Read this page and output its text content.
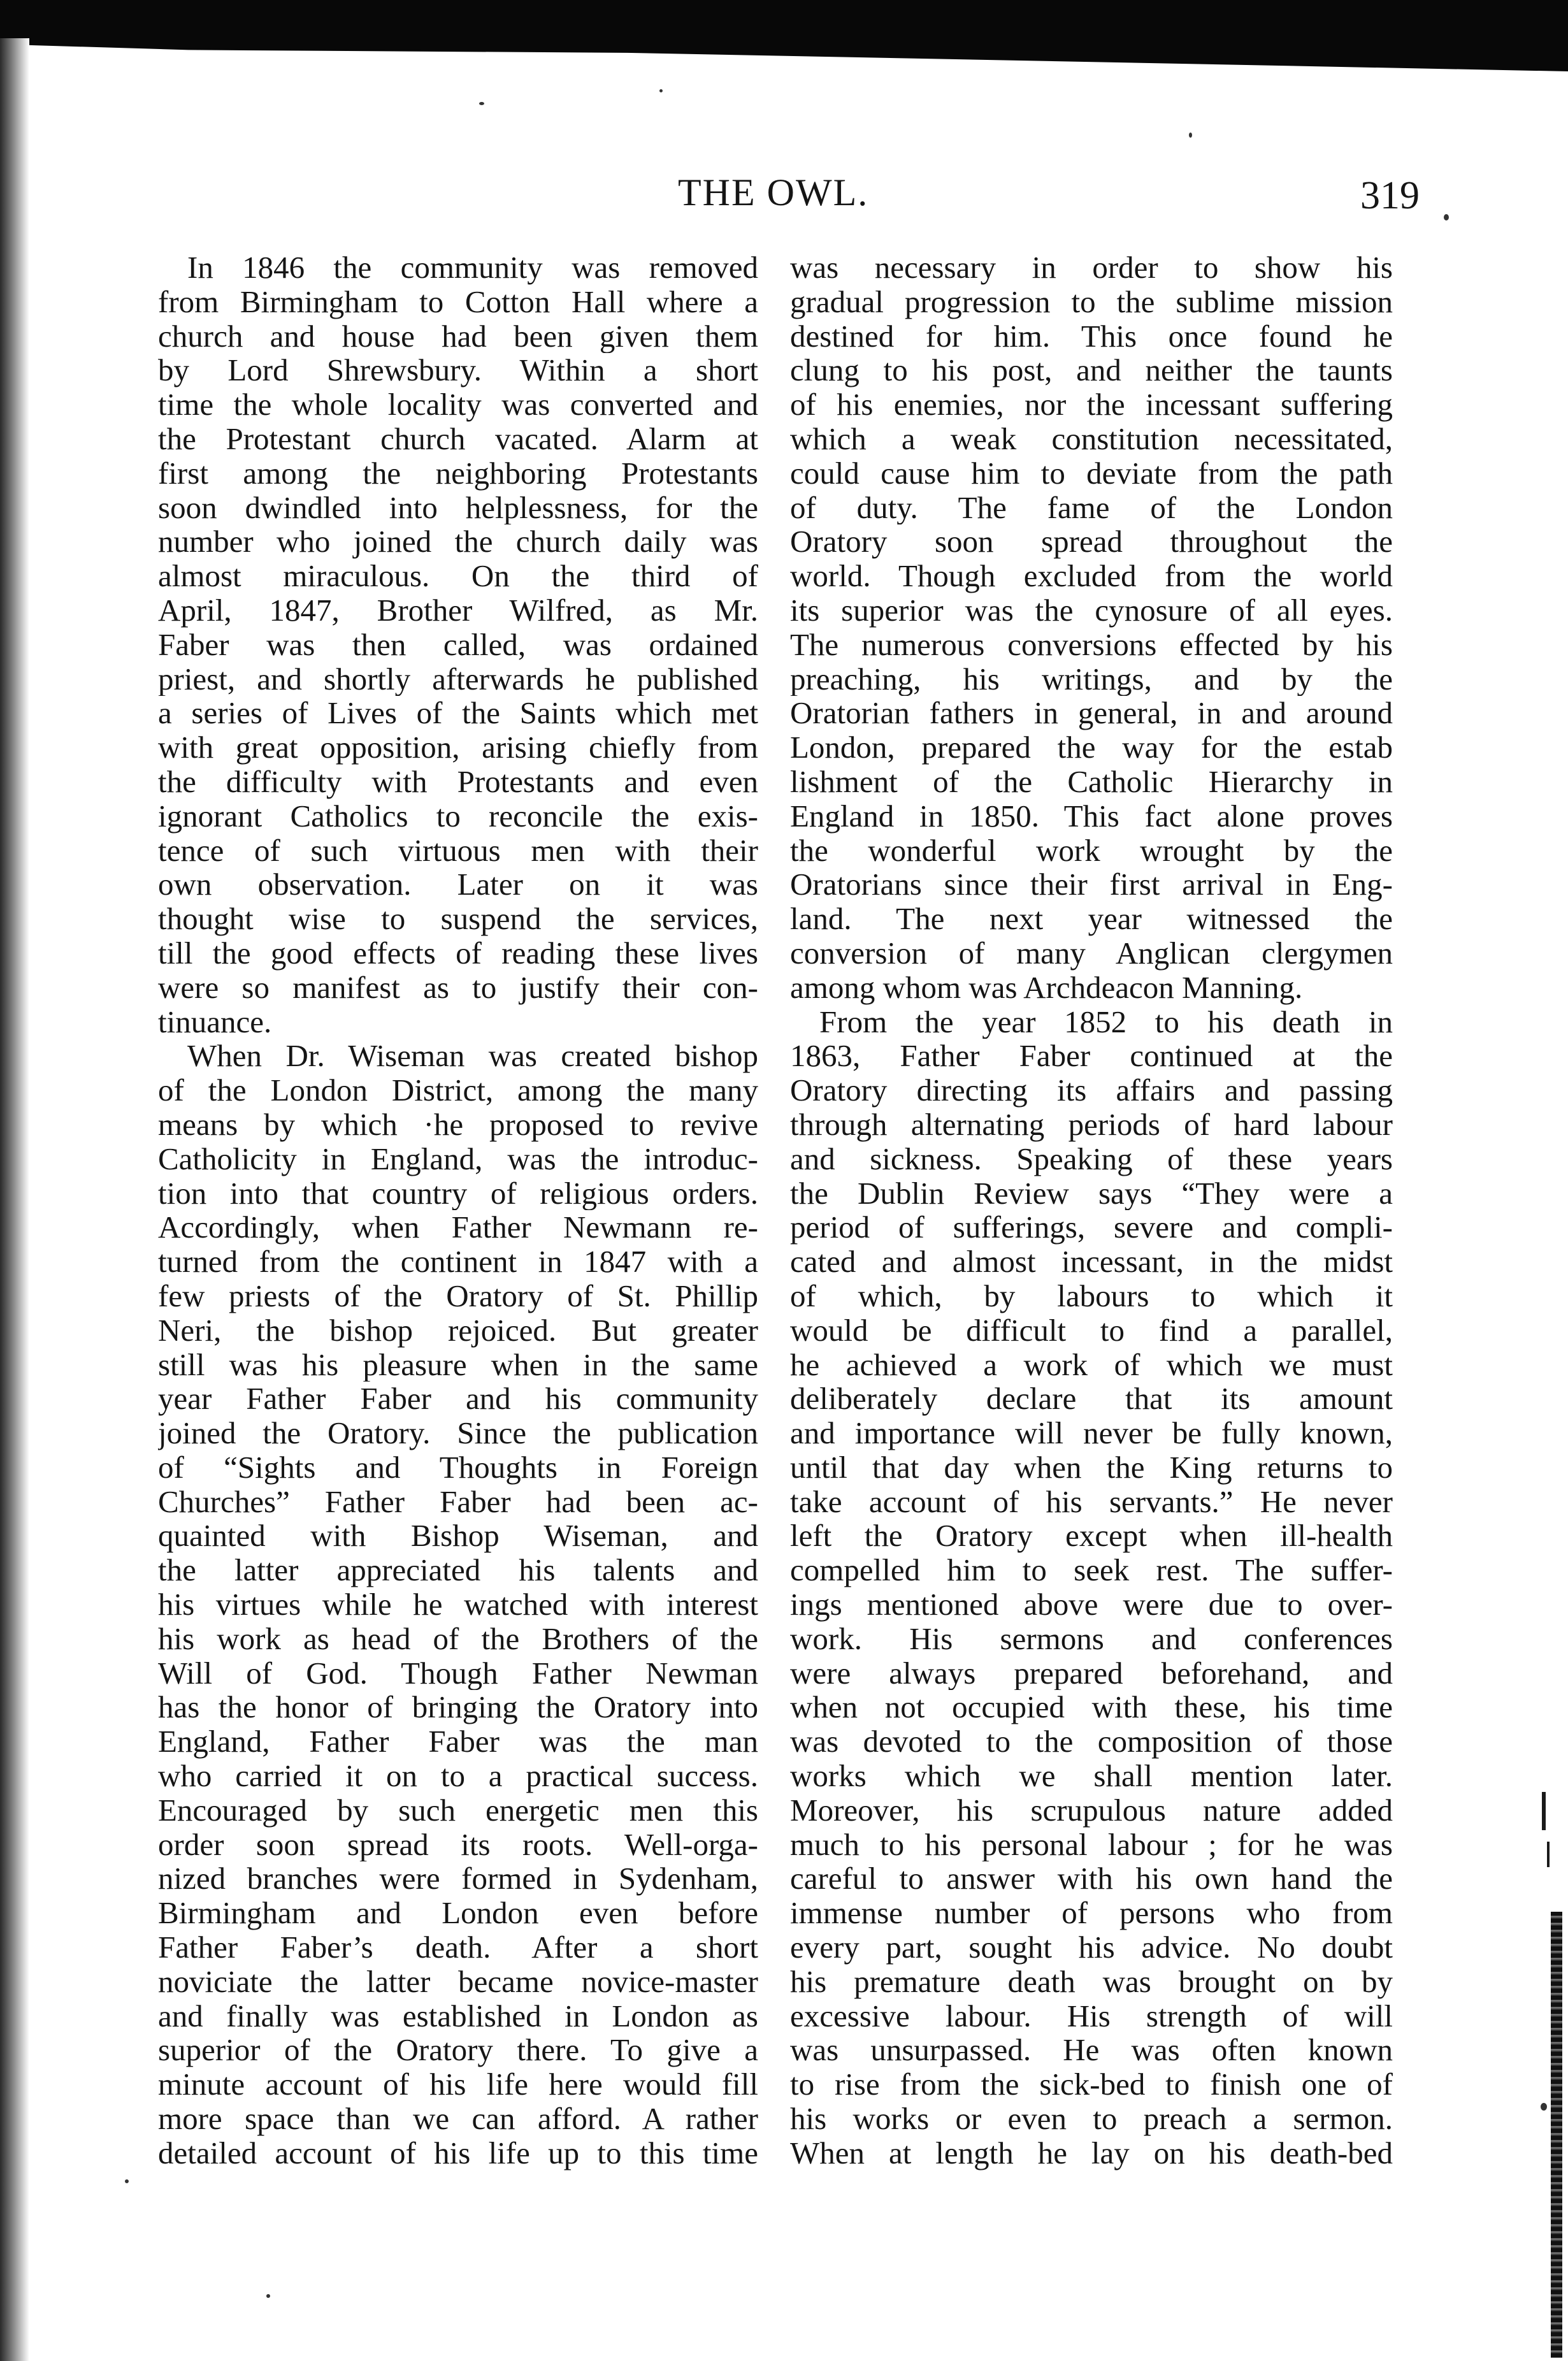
THE OWL.	319
In 1846 the community was removed
from Birmingham to Cotton Hall where a
church and house had been given them
by Lord Shrewsbury. Within a short
time the whole locality was converted and
the Protestant church vacated. Alarm at
first among the neighboring Protestants
soon dwindled into helplessness, for the
number who joined the church daily was
almost miraculous. On the third of
April, 1847, Brother Wilfred, as Mr.
Faber was then called, was ordained
priest, and shortly afterwards he published
a series of Lives of the Saints which met
with great opposition, arising chiefly from
the difficulty with Protestants and even
ignorant Catholics to reconcile the exis-
tence of such virtuous men with their
own observation. Later on it was
thought wise to suspend the services,
till the good effects of reading these lives
were so manifest as to justify their con-
tinuance.
When Dr. Wiseman was created bishop
of the London District, among the many
means by which ·he proposed to revive
Catholicity in England, was the introduc-
tion into that country of religious orders.
Accordingly, when Father Newmann re-
turned from the continent in 1847 with a
few priests of the Oratory of St. Phillip
Neri, the bishop rejoiced. But greater
still was his pleasure when in the same
year Father Faber and his community
joined the Oratory. Since the publication
of “Sights and Thoughts in Foreign
Churches” Father Faber had been ac-
quainted with Bishop Wiseman, and
the latter appreciated his talents and
his virtues while he watched with interest
his work as head of the Brothers of the
Will of God. Though Father Newman
has the honor of bringing the Oratory into
England, Father Faber was the man
who carried it on to a practical success.
Encouraged by such energetic men this
order soon spread its roots. Well-orga-
nized branches were formed in Sydenham,
Birmingham and London even before
Father Faber’s death. After a short
noviciate the latter became novice-master
and finally was established in London as
superior of the Oratory there. To give a
minute account of his life here would fill
more space than we can afford. A rather
detailed account of his life up to this time
was necessary in order to show his
gradual progression to the sublime mission
destined for him. This once found he
clung to his post, and neither the taunts
of his enemies, nor the incessant suffering
which a weak constitution necessitated,
could cause him to deviate from the path
of duty. The fame of the London
Oratory soon spread throughout the
world. Though excluded from the world
its superior was the cynosure of all eyes.
The numerous conversions effected by his
preaching, his writings, and by the
Oratorian fathers in general, in and around
London, prepared the way for the estab
lishment of the Catholic Hierarchy in
England in 1850. This fact alone proves
the wonderful work wrought by the
Oratorians since their first arrival in Eng-
land. The next year witnessed the
conversion of many Anglican clergymen
among whom was Archdeacon Manning.
From the year 1852 to his death in
1863, Father Faber continued at the
Oratory directing its affairs and passing
through alternating periods of hard labour
and sickness. Speaking of these years
the Dublin Review says “They were a
period of sufferings, severe and compli-
cated and almost incessant, in the midst
of which, by labours to which it
would be difficult to find a parallel,
he achieved a work of which we must
deliberately declare that its amount
and importance will never be fully known,
until that day when the King returns to
take account of his servants.” He never
left the Oratory except when ill-health
compelled him to seek rest. The suffer-
ings mentioned above were due to over-
work. His sermons and conferences
were always prepared beforehand, and
when not occupied with these, his time
was devoted to the composition of those
works which we shall mention later.
Moreover, his scrupulous nature added
much to his personal labour ; for he was
careful to answer with his own hand the
immense number of persons who from
every part, sought his advice. No doubt
his premature death was brought on by
excessive labour. His strength of will
was unsurpassed. He was often known
to rise from the sick-bed to finish one of
his works or even to preach a sermon.
When at length he lay on his death-bed
